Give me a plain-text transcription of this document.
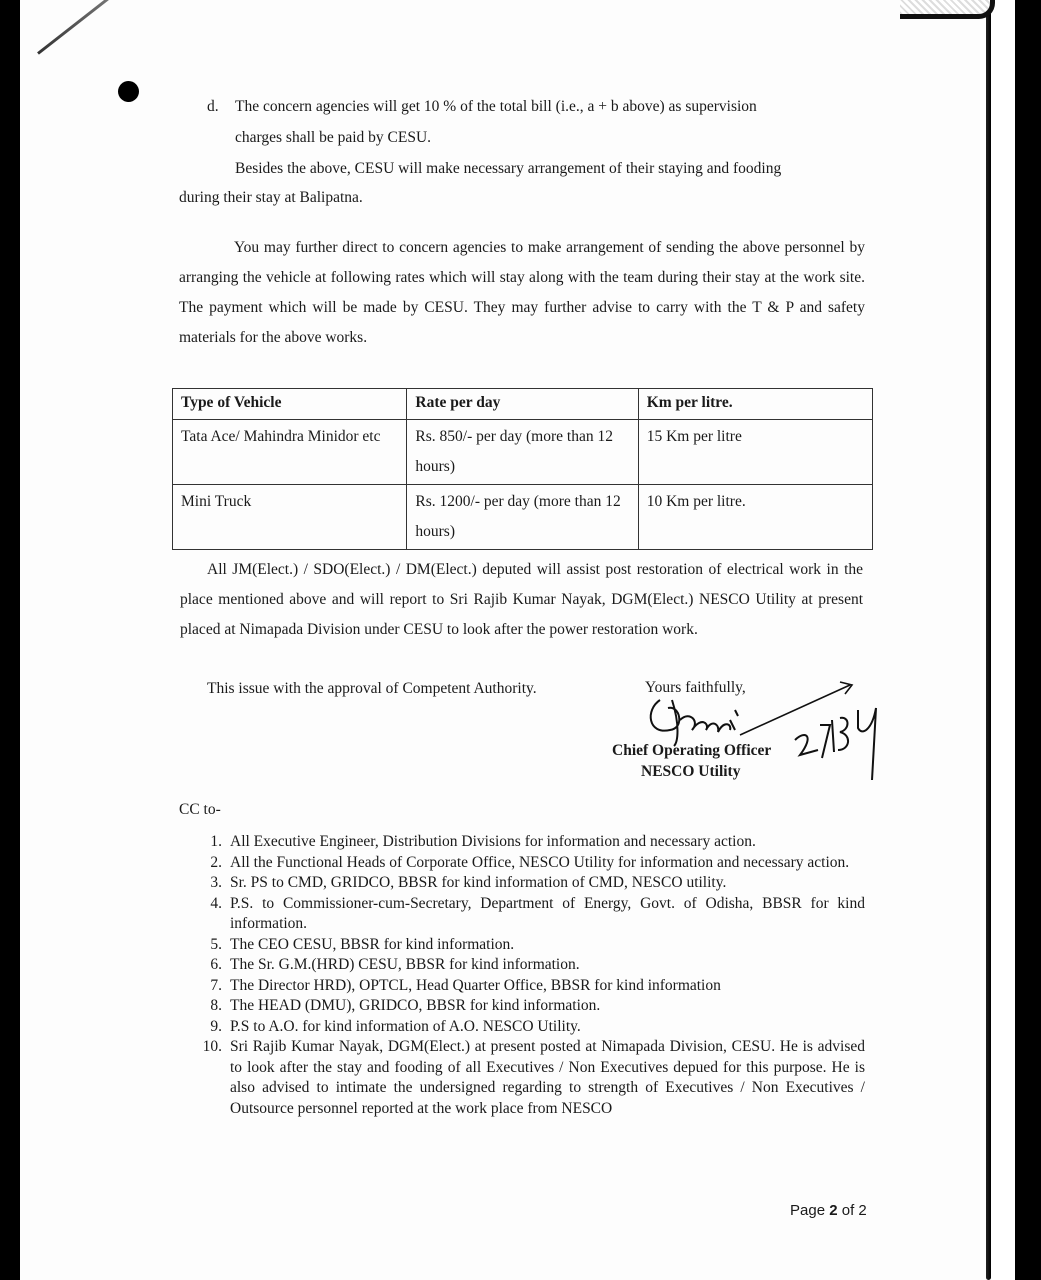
d. The concern agencies will get 10 % of the total bill (i.e., a + b above) as supervision
charges shall be paid by CESU.
Besides the above, CESU will make necessary arrangement of their staying and fooding
during their stay at Balipatna.

You may further direct to concern agencies to make arrangement of sending the above personnel by arranging the vehicle at following rates which will stay along with the team during their stay at the work site. The payment which will be made by CESU. They may further advise to carry with the T & P and safety materials for the above works.

Type of Vehicle	Rate per day	Km per litre.
Tata Ace/ Mahindra Minidor etc	Rs. 850/- per day (more than 12 hours)	15 Km per litre
Mini Truck	Rs. 1200/- per day (more than 12 hours)	10 Km per litre.

All JM(Elect.) / SDO(Elect.) / DM(Elect.) deputed will assist post restoration of electrical work in the place mentioned above and will report to Sri Rajib Kumar Nayak, DGM(Elect.) NESCO Utility at present placed at Nimapada Division under CESU to look after the power restoration work.

This issue with the approval of Competent Authority.	Yours faithfully,
Chief Operating Officer
NESCO Utility
CC to-
1. All Executive Engineer, Distribution Divisions for information and necessary action.
2. All the Functional Heads of Corporate Office, NESCO Utility for information and necessary action.
3. Sr. PS to CMD, GRIDCO, BBSR for kind information of CMD, NESCO utility.
4. P.S. to Commissioner-cum-Secretary, Department of Energy, Govt. of Odisha, BBSR for kind information.
5. The CEO CESU, BBSR for kind information.
6. The Sr. G.M.(HRD) CESU, BBSR for kind information.
7. The Director HRD), OPTCL, Head Quarter Office, BBSR for kind information
8. The HEAD (DMU), GRIDCO, BBSR for kind information.
9. P.S to A.O. for kind information of A.O. NESCO Utility.
10. Sri Rajib Kumar Nayak, DGM(Elect.) at present posted at Nimapada Division, CESU. He is advised to look after the stay and fooding of all Executives / Non Executives depued for this purpose. He is also advised to intimate the undersigned regarding to strength of Executives / Non Executives / Outsource personnel reported at the work place from NESCO
Page 2 of 2
